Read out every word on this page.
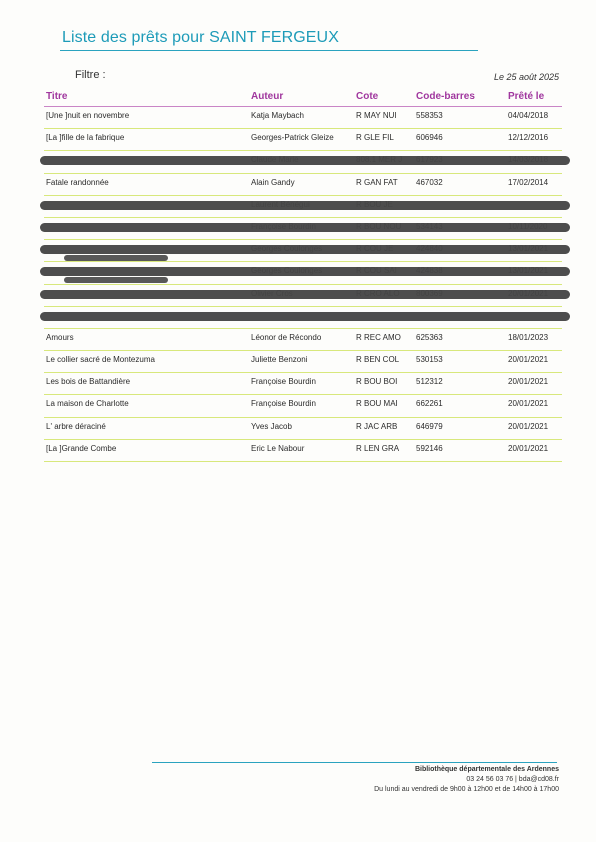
Liste des prêts pour SAINT FERGEUX
Filtre :	Le 25 août 2025
Titre	Auteur	Cote	Code-barres	Prêté le
[Une ]nuit en novembre	Katja Maybach	R MAY NUI 558353	04/04/2018
[La ]fille de la fabrique	Georges-Patrick Gleize	R GLE FIL	606946	12/12/2016
Fatale randonnée	Alain Gandy	R GAN FAT 467032	17/02/2014
Amours	Léonor de Récondo	R REC AMO 625363	18/01/2023
Le collier sacré de Montezuma	Juliette Benzoni	R BEN COL 530153	20/01/2021
Les bois de Battandière	Françoise Bourdin	R BOU BOI 512312	20/01/2021
La maison de Charlotte	Françoise Bourdin	R BOU MAI 662261	20/01/2021
L' arbre déraciné	Yves Jacob	R JAC ARB 646979	20/01/2021
[La ]Grande Combe	Eric Le Nabour	R LEN GRA 592146	20/01/2021
Bibliothèque départementale des Ardennes
03 24 56 03 76 | bda@cd08.fr
Du lundi au vendredi de 9h00 à 12h00 et de 14h00 à 17h00
